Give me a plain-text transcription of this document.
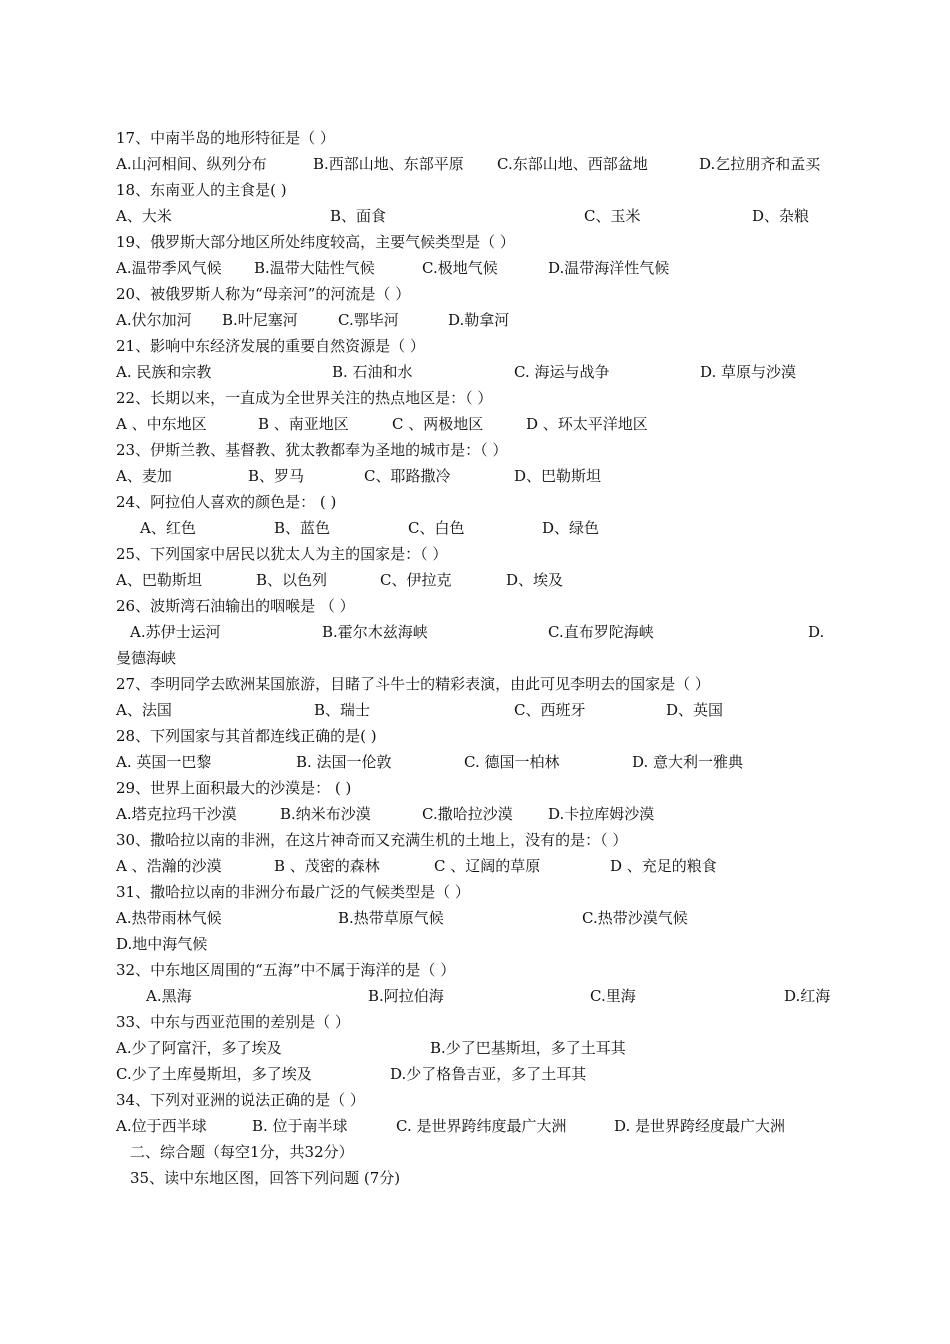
17、中南半岛的地形特征是（ ）
A.山河相间、纵列分布	B.西部山地、东部平原 C.东部山地、西部盆地	D.乞拉朋齐和孟买
18、东南亚人的主食是( )
A、大米	B、面食	C、玉米	D、杂粮
19、俄罗斯大部分地区所处纬度较高，主要气候类型是（ ）
A.温带季风气候 B.温带大陆性气候	C.极地气候	D.温带海洋性气候
20、被俄罗斯人称为“母亲河”的河流是（ ）
A.伏尔加河 B.叶尼塞河	C.鄂毕河	D.勒拿河
21、影响中东经济发展的重要自然资源是（ ）
A. 民族和宗教	B. 石油和水	C. 海运与战争	D. 草原与沙漠
22、长期以来，一直成为全世界关注的热点地区是：（ ）
A 、中东地区	B 、南亚地区	C 、两极地区	D 、环太平洋地区
23、伊斯兰教、基督教、犹太教都奉为圣地的城市是：（ ）
A、麦加	B、罗马	C、耶路撒冷	D、巴勒斯坦
24、阿拉伯人喜欢的颜色是： ( )
A、红色	B、蓝色	C、白色	D、绿色
25、下列国家中居民以犹太人为主的国家是：（ ）
A、巴勒斯坦	B、以色列	C、伊拉克	D、埃及
26、波斯湾石油输出的咽喉是 （ ）
A.苏伊士运河	B.霍尔木兹海峡	C.直布罗陀海峡	D.
曼德海峡
27、李明同学去欧洲某国旅游，目睹了斗牛士的精彩表演，由此可见李明去的国家是（ ）
A、法国	B、瑞士	C、西班牙	D、英国
28、下列国家与其首都连线正确的是( )
A. 英国一巴黎	B. 法国一伦敦	C. 德国一柏林	D. 意大利一雅典
29、世界上面积最大的沙漠是： ( )
A.塔克拉玛干沙漠	B.纳米布沙漠	C.撒哈拉沙漠 D.卡拉库姆沙漠
30、撒哈拉以南的非洲，在这片神奇而又充满生机的土地上，没有的是：（ ）
A 、浩瀚的沙漠	B 、茂密的森林	C 、辽阔的草原	D 、充足的粮食
31、撒哈拉以南的非洲分布最广泛的气候类型是（ ）
A.热带雨林气候	B.热带草原气候	C.热带沙漠气候
D.地中海气候
32、中东地区周围的“五海”中不属于海洋的是（ ）
A.黑海	B.阿拉伯海	C.里海	D.红海
33、中东与西亚范围的差别是（ ）
A.少了阿富汗，多了埃及	B.少了巴基斯坦，多了土耳其
C.少了土库曼斯坦，多了埃及	D.少了格鲁吉亚，多了土耳其
34、下列对亚洲的说法正确的是（ ）
A.位于西半球	B. 位于南半球	C. 是世界跨纬度最广大洲	D. 是世界跨经度最广大洲
二、综合题（每空1分，共32分）
35、读中东地区图，回答下列问题 (7分)
